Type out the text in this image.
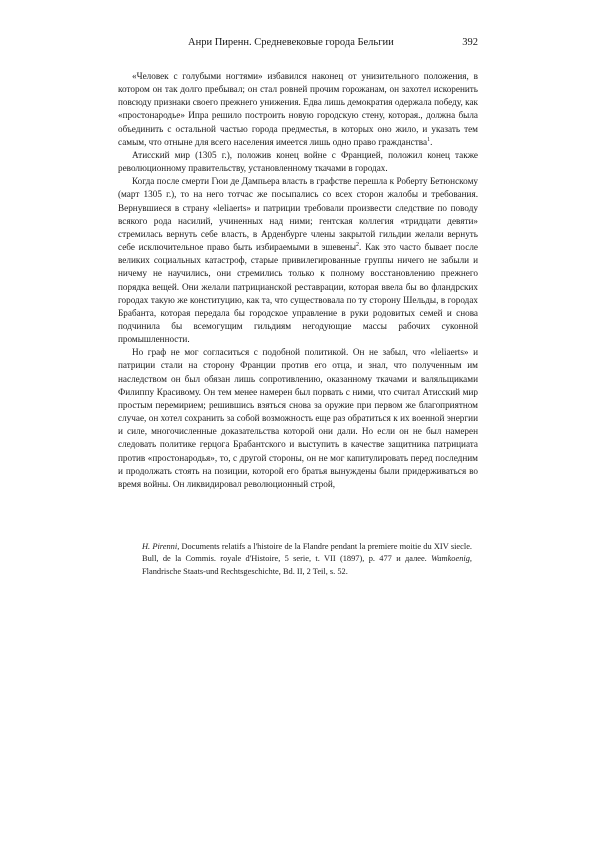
Анри Пиренн. Средневековые города Бельгии	392

«Человек с голубыми ногтями» избавился наконец от унизительного положения, в котором он так долго пребывал; он стал ровней прочим горожанам, он захотел искоренить повсюду признаки своего прежнего унижения. Едва лишь демократия одержала победу, как «простонародье» Ипра решило построить новую городскую стену, которая., должна была объединить с остальной частью города предместья, в которых оно жило, и указать тем самым, что отныне для всего населения имеется лишь одно право гражданства$^1$.

Атисский мир (1305 г.), положив конец войне с Францией, положил конец также революционному правительству, установленному ткачами в городах.

Когда после смерти Гюи де Дампьера власть в графстве перешла к Роберту Бетюнскому (март 1305 г.), то на него тотчас же посыпались со всех сторон жалобы и требования. Вернувшиеся в страну «leliaerts» и патриции требовали произвести следствие по поводу всякого рода насилий, учиненных над ними; гентская коллегия «тридцати девяти» стремилась вернуть себе власть, в Арденбурге члены закрытой гильдии желали вернуть себе исключительное право быть избираемыми в эшевены$^2$. Как это часто бывает после великих социальных катастроф, старые привилегированные группы ничего не забыли и ничему не научились, они стремились только к полному восстановлению прежнего порядка вещей. Они желали патрицианской реставрации, которая ввела бы во фландрских городах такую же конституцию, как та, что существовала по ту сторону Шельды, в городах Брабанта, которая передала бы городское управление в руки родовитых семей и снова подчинила бы всемогущим гильдиям негодующие массы рабочих суконной промышленности.

Но граф не мог согласиться с подобной политикой. Он не забыл, что «leliaerts» и патриции стали на сторону Франции против его отца, и знал, что полученным им наследством он был обязан лишь сопротивлению, оказанному ткачами и валяльщиками Филиппу Красивому. Он тем менее намерен был порвать с ними, что считал Атисский мир простым перемирием; решившись взяться снова за оружие при первом же благоприятном случае, он хотел сохранить за собой возможность еще раз обратиться к их военной энергии и силе, многочисленные доказательства которой они дали. Но если он не был намерен следовать политике герцога Брабантского и выступить в качестве защитника патрициата против «простонародья», то, с другой стороны, он не мог капитулировать перед последним и продолжать стоять на позиции, которой его братья вынуждены были придерживаться во время войны. Он ликвидировал революционный строй,

H. Pirenni, Documents relatifs a l'histoire de la Flandre pendant la premiere moitie du XIV siecle. Bull, de la Commis. royale d'Histoire, 5 serie, t. VII (1897), p. 477 и далее. Wamkoenig, Flandrische Staats-und Rechtsgeschichte, Bd. II, 2 Teil, s. 52.
